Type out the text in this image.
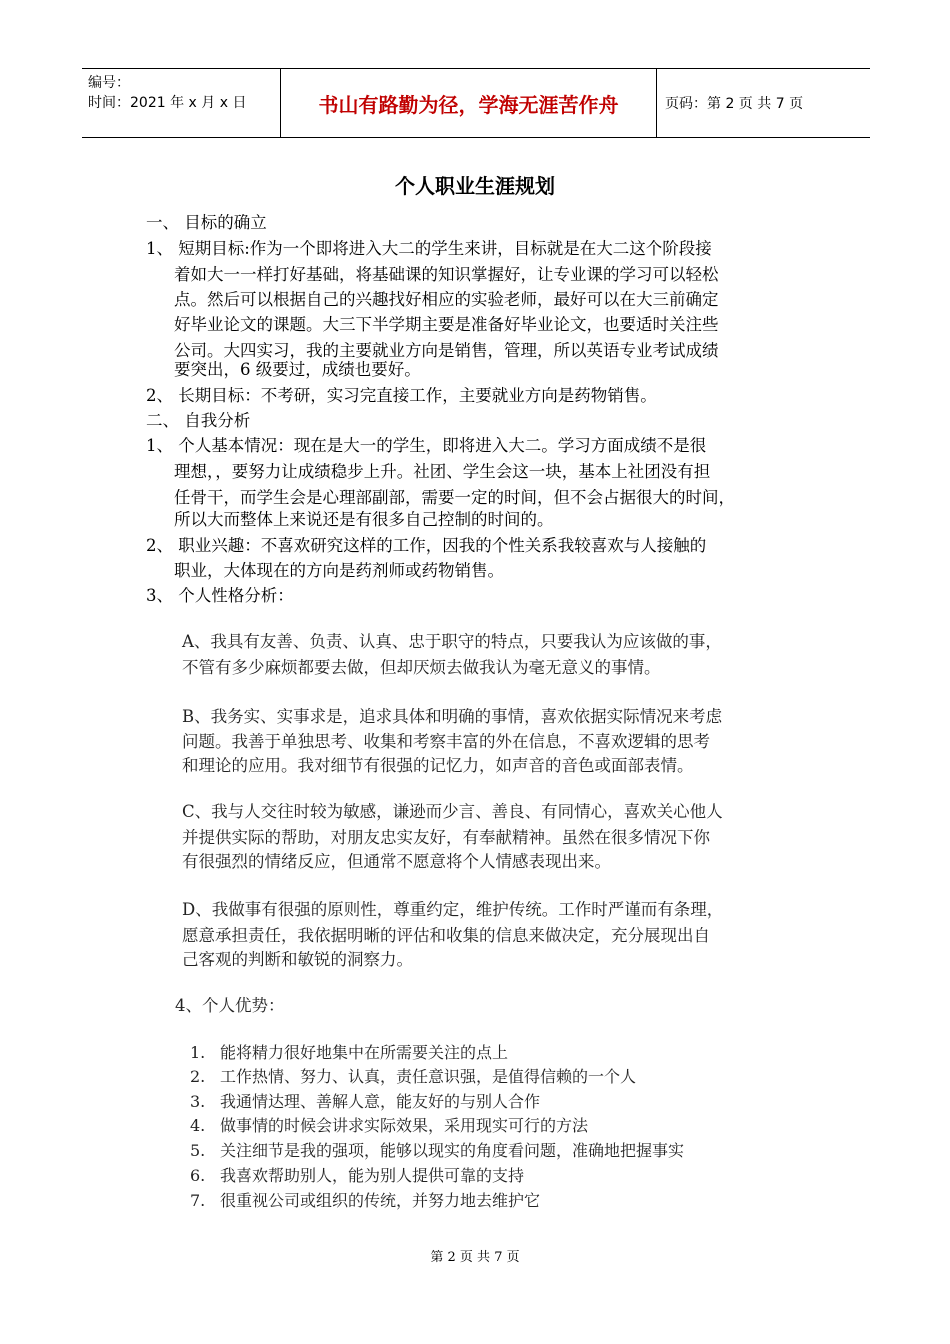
编号：
时间：2021 年 x 月 x 日	书山有路勤为径，学海无涯苦作舟	页码：第 2 页 共 7 页
个人职业生涯规划
一、 目标的确立
1、 短期目标:作为一个即将进入大二的学生来讲，目标就是在大二这个阶段接
着如大一一样打好基础，将基础课的知识掌握好，让专业课的学习可以轻松
点。然后可以根据自己的兴趣找好相应的实验老师，最好可以在大三前确定
好毕业论文的课题。大三下半学期主要是准备好毕业论文，也要适时关注些
公司。大四实习，我的主要就业方向是销售，管理，所以英语专业考试成绩
要突出，6 级要过，成绩也要好。
2、 长期目标：不考研，实习完直接工作，主要就业方向是药物销售。
二、 自我分析
1、 个人基本情况：现在是大一的学生，即将进入大二。学习方面成绩不是很
理想，，要努力让成绩稳步上升。社团、学生会这一块，基本上社团没有担
任骨干，而学生会是心理部副部，需要一定的时间，但不会占据很大的时间，
所以大而整体上来说还是有很多自己控制的时间的。
2、 职业兴趣：不喜欢研究这样的工作，因我的个性关系我较喜欢与人接触的
职业，大体现在的方向是药剂师或药物销售。
3、 个人性格分析：
A、我具有友善、负责、认真、忠于职守的特点，只要我认为应该做的事，
不管有多少麻烦都要去做，但却厌烦去做我认为毫无意义的事情。
B、我务实、实事求是，追求具体和明确的事情，喜欢依据实际情况来考虑
问题。我善于单独思考、收集和考察丰富的外在信息，不喜欢逻辑的思考
和理论的应用。我对细节有很强的记忆力，如声音的音色或面部表情。
C、我与人交往时较为敏感，谦逊而少言、善良、有同情心，喜欢关心他人
并提供实际的帮助，对朋友忠实友好，有奉献精神。虽然在很多情况下你
有很强烈的情绪反应，但通常不愿意将个人情感表现出来。
D、我做事有很强的原则性，尊重约定，维护传统。工作时严谨而有条理，
愿意承担责任，我依据明晰的评估和收集的信息来做决定，充分展现出自
己客观的判断和敏锐的洞察力。
4、个人优势：
1. 能将精力很好地集中在所需要关注的点上
2. 工作热情、努力、认真，责任意识强，是值得信赖的一个人
3. 我通情达理、善解人意，能友好的与别人合作
4. 做事情的时候会讲求实际效果，采用现实可行的方法
5. 关注细节是我的强项，能够以现实的角度看问题，准确地把握事实
6. 我喜欢帮助别人，能为别人提供可靠的支持
7. 很重视公司或组织的传统，并努力地去维护它
第 2 页 共 7 页
